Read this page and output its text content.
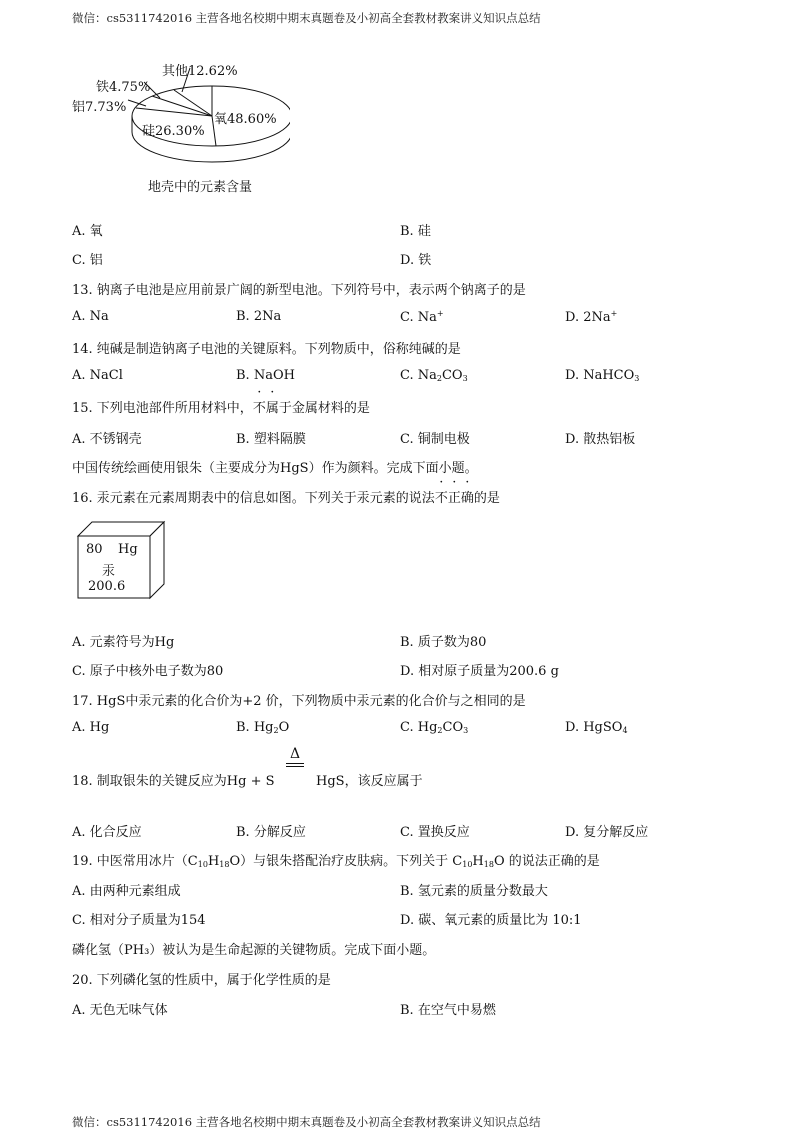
微信：cs5311742016 主营各地名校期中期末真题卷及小初高全套教材教案讲义知识点总结
其他12.62%
铁4.75%
铝7.73%
硅26.30%
氧48.60%
地壳中的元素含量
A. 氧	B. 硅
C. 铝	D. 铁
13. 钠离子电池是应用前景广阔的新型电池。下列符号中，表示两个钠离子的是
A. Na	B. 2Na	C. Na+	D. 2Na+
14. 纯碱是制造钠离子电池的关键原料。下列物质中，俗称纯碱的是
A. NaCl	B. NaOH	C. $Na_2CO_3$	D. NaHCO$_3$
15. 下列电池部件所用材料中，不属于金属材料的是
A. 不锈钢壳	B. 塑料隔膜	C. 铜制电极	D. 散热铝板
中国传统绘画使用银朱（主要成分为HgS）作为颜料。完成下面小题。
16. 汞元素在元素周期表中的信息如图。下列关于汞元素的说法不正确的是
80 Hg
汞
200.6
A. 元素符号为Hg	B. 质子数为80
C. 原子中核外电子数为80	D. 相对原子质量为200.6 g
17. HgS中汞元素的化合价为+2 价，下列物质中汞元素的化合价与之相同的是
A. Hg	B. $Hg_2O$	C. $Hg_2CO_3$	D. HgSO$_4$
Δ
18. 制取银朱的关键反应为Hg + S	HgS，该反应属于
A. 化合反应	B. 分解反应	C. 置换反应	D. 复分解反应
19. 中医常用冰片$(C_{10}H_{18}O)$与银朱搭配治疗皮肤病。下列关于 $C_{10}H_{18}O$ 的说法正确的是
A. 由两种元素组成	B. 氢元素的质量分数最大
C. 相对分子质量为154	D. 碳、氧元素的质量比为 10:1
磷化氢（PH₃）被认为是生命起源的关键物质。完成下面小题。
20. 下列磷化氢的性质中，属于化学性质的是
A. 无色无味气体	B. 在空气中易燃
微信：cs5311742016 主营各地名校期中期末真题卷及小初高全套教材教案讲义知识点总结
